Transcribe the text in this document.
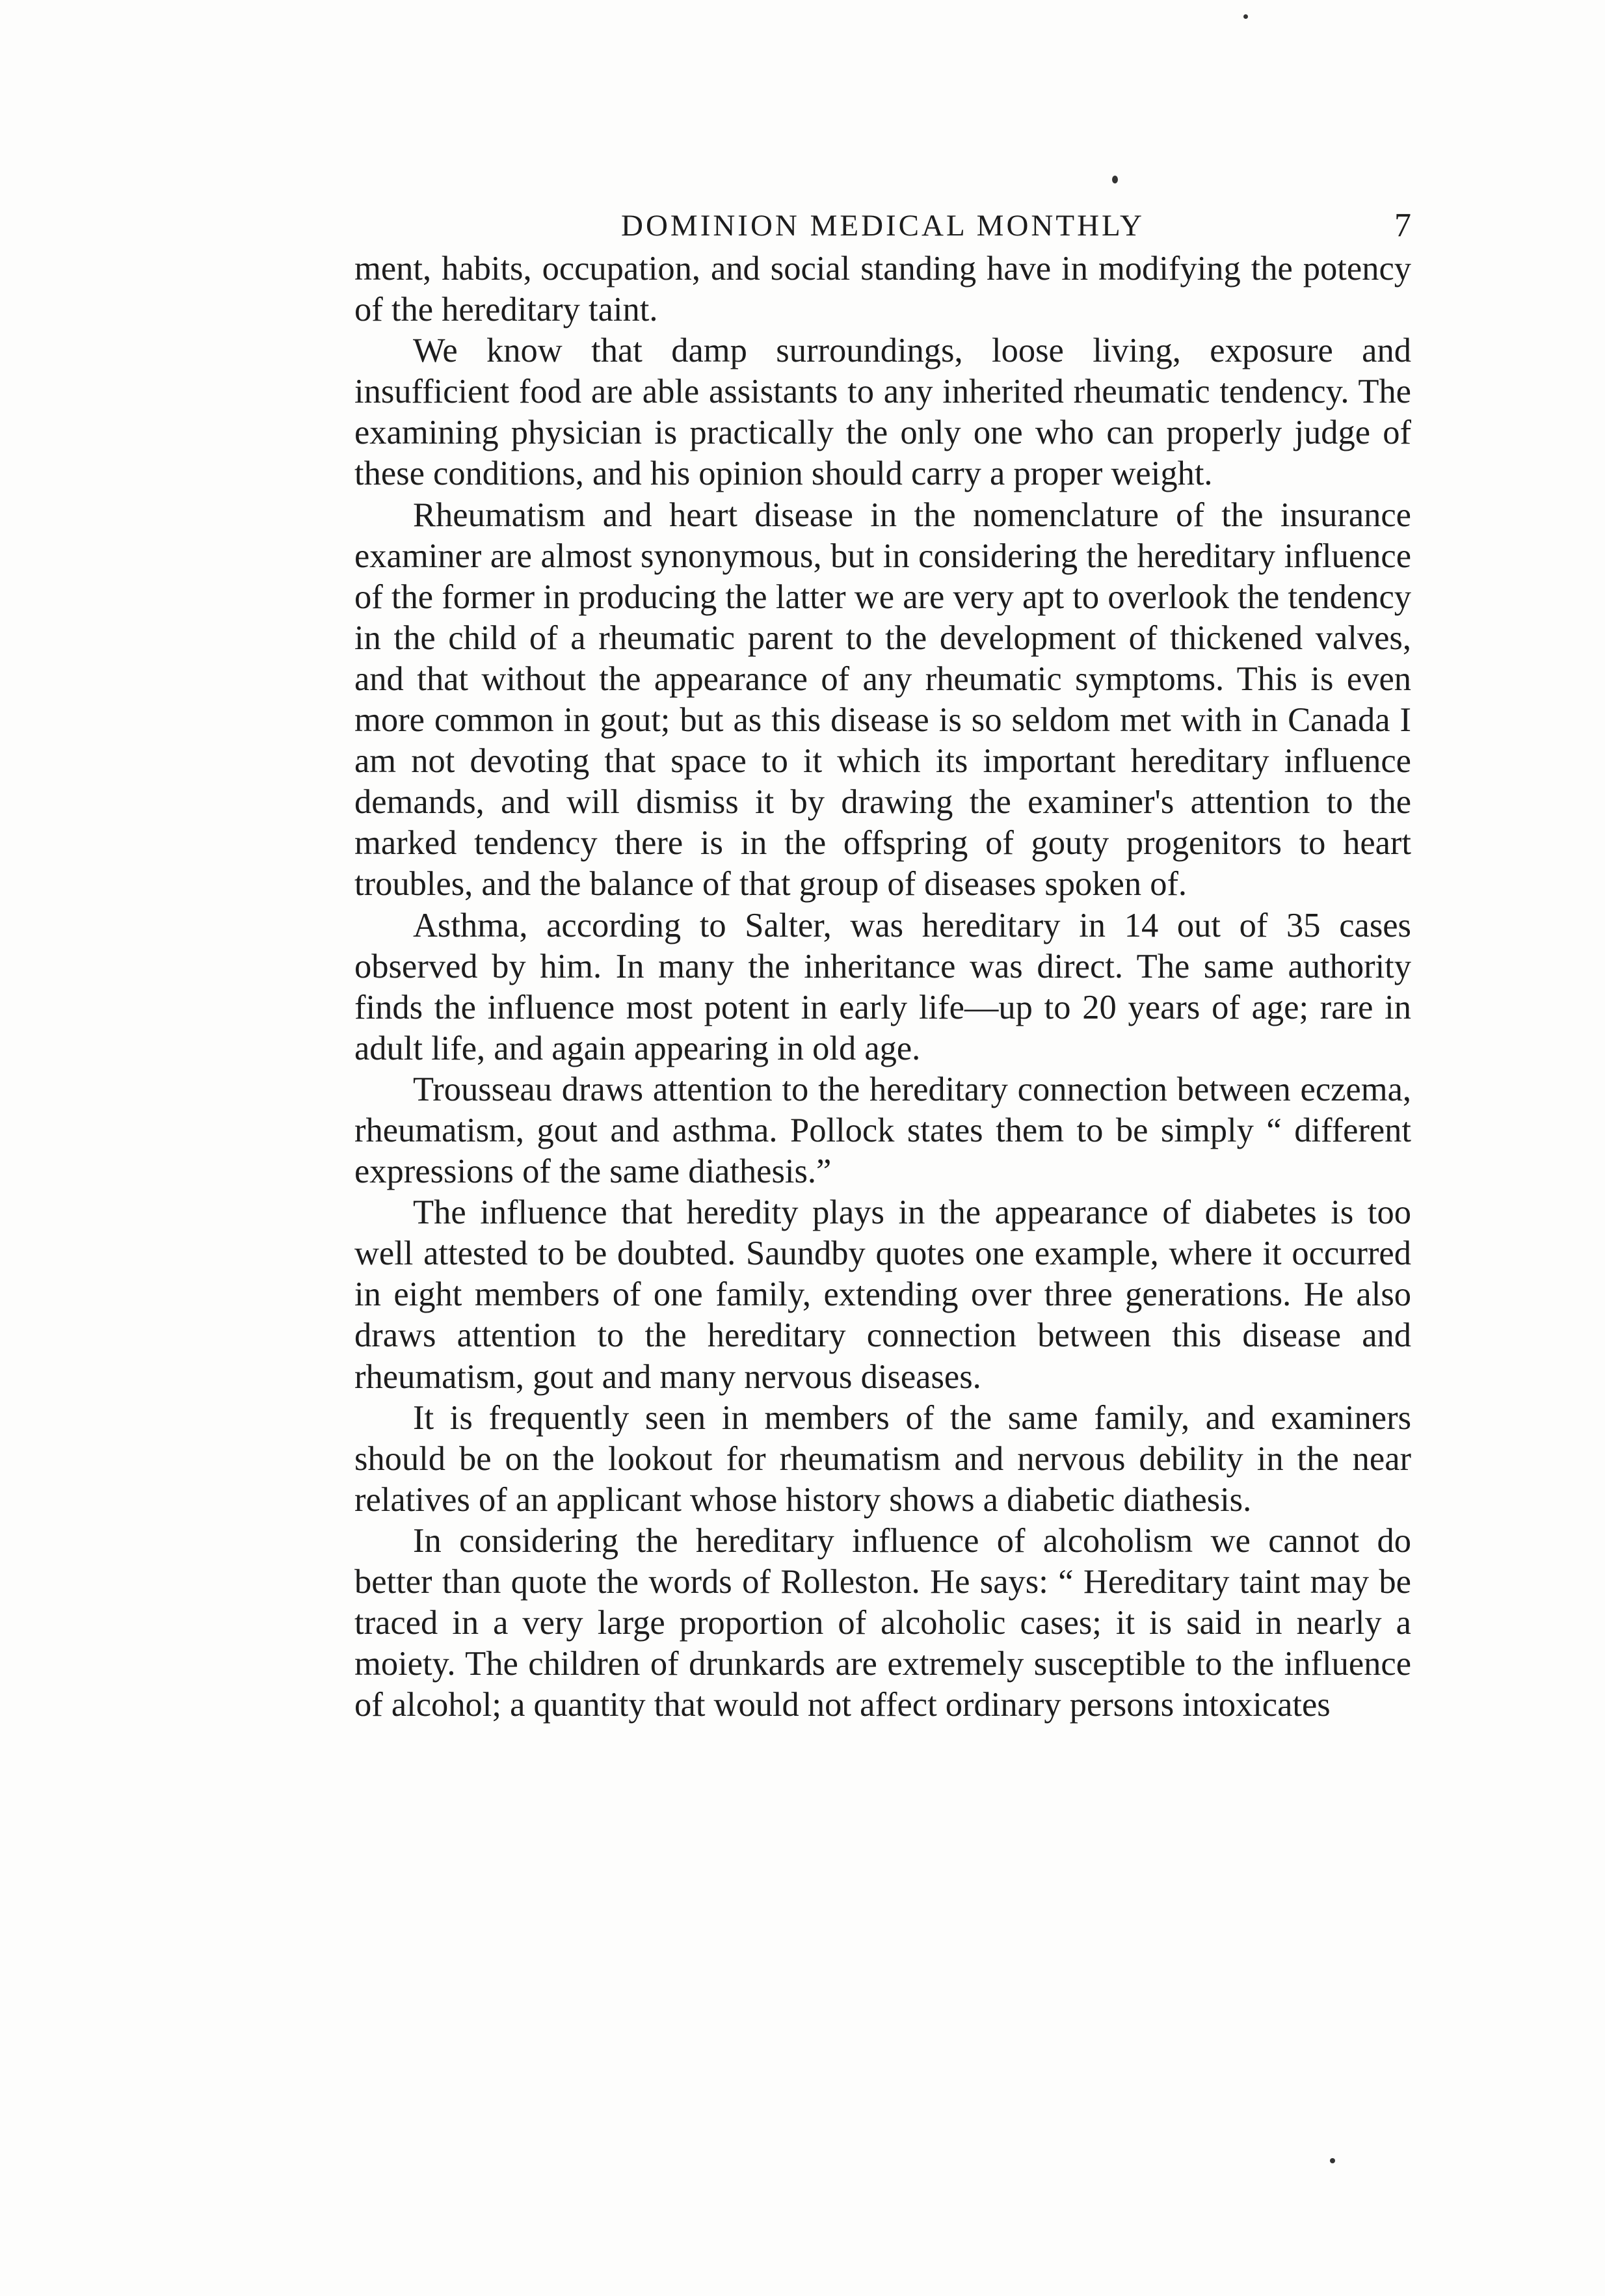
DOMINION MEDICAL MONTHLY	7

ment, habits, occupation, and social standing have in modifying the potency of the hereditary taint.

We know that damp surroundings, loose living, exposure and insufficient food are able assistants to any inherited rheumatic tendency. The examining physician is practically the only one who can properly judge of these conditions, and his opinion should carry a proper weight.

Rheumatism and heart disease in the nomenclature of the insurance examiner are almost synonymous, but in considering the hereditary influence of the former in producing the latter we are very apt to overlook the tendency in the child of a rheumatic parent to the development of thickened valves, and that without the appearance of any rheumatic symptoms. This is even more common in gout; but as this disease is so seldom met with in Canada I am not devoting that space to it which its important hereditary influence demands, and will dismiss it by drawing the examiner's attention to the marked tendency there is in the offspring of gouty progenitors to heart troubles, and the balance of that group of diseases spoken of.

Asthma, according to Salter, was hereditary in 14 out of 35 cases observed by him. In many the inheritance was direct. The same authority finds the influence most potent in early life—up to 20 years of age; rare in adult life, and again appearing in old age.

Trousseau draws attention to the hereditary connection between eczema, rheumatism, gout and asthma. Pollock states them to be simply “ different expressions of the same diathesis.”

The influence that heredity plays in the appearance of diabetes is too well attested to be doubted. Saundby quotes one example, where it occurred in eight members of one family, extending over three generations. He also draws attention to the hereditary connection between this disease and rheumatism, gout and many nervous diseases.

It is frequently seen in members of the same family, and examiners should be on the lookout for rheumatism and nervous debility in the near relatives of an applicant whose history shows a diabetic diathesis.

In considering the hereditary influence of alcoholism we cannot do better than quote the words of Rolleston. He says: “ Hereditary taint may be traced in a very large proportion of alcoholic cases; it is said in nearly a moiety. The children of drunkards are extremely susceptible to the influence of alcohol; a quantity that would not affect ordinary persons intoxicates
